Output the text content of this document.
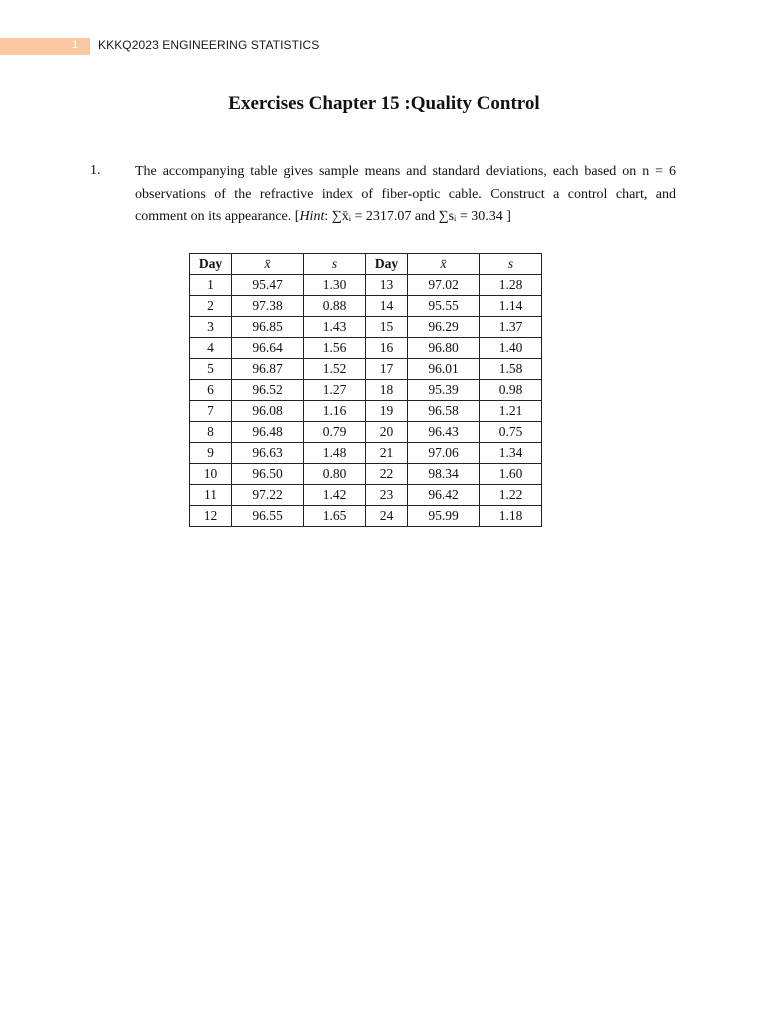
1 KKKQ2023 ENGINEERING STATISTICS
Exercises Chapter 15 :Quality Control
1. The accompanying table gives sample means and standard deviations, each based on n = 6
observations of the refractive index of fiber-optic cable. Construct a control chart, and
comment on its appearance. [Hint: ∑x̄ᵢ = 2317.07 and ∑sᵢ = 30.34 ]
Day	x̄	s	Day	x̄	s
1	95.47	1.30	13	97.02	1.28
2	97.38	0.88	14	95.55	1.14
3	96.85	1.43	15	96.29	1.37
4	96.64	1.56	16	96.80	1.40
5	96.87	1.52	17	96.01	1.58
6	96.52	1.27	18	95.39	0.98
7	96.08	1.16	19	96.58	1.21
8	96.48	0.79	20	96.43	0.75
9	96.63	1.48	21	97.06	1.34
10	96.50	0.80	22	98.34	1.60
11	97.22	1.42	23	96.42	1.22
12	96.55	1.65	24	95.99	1.18
